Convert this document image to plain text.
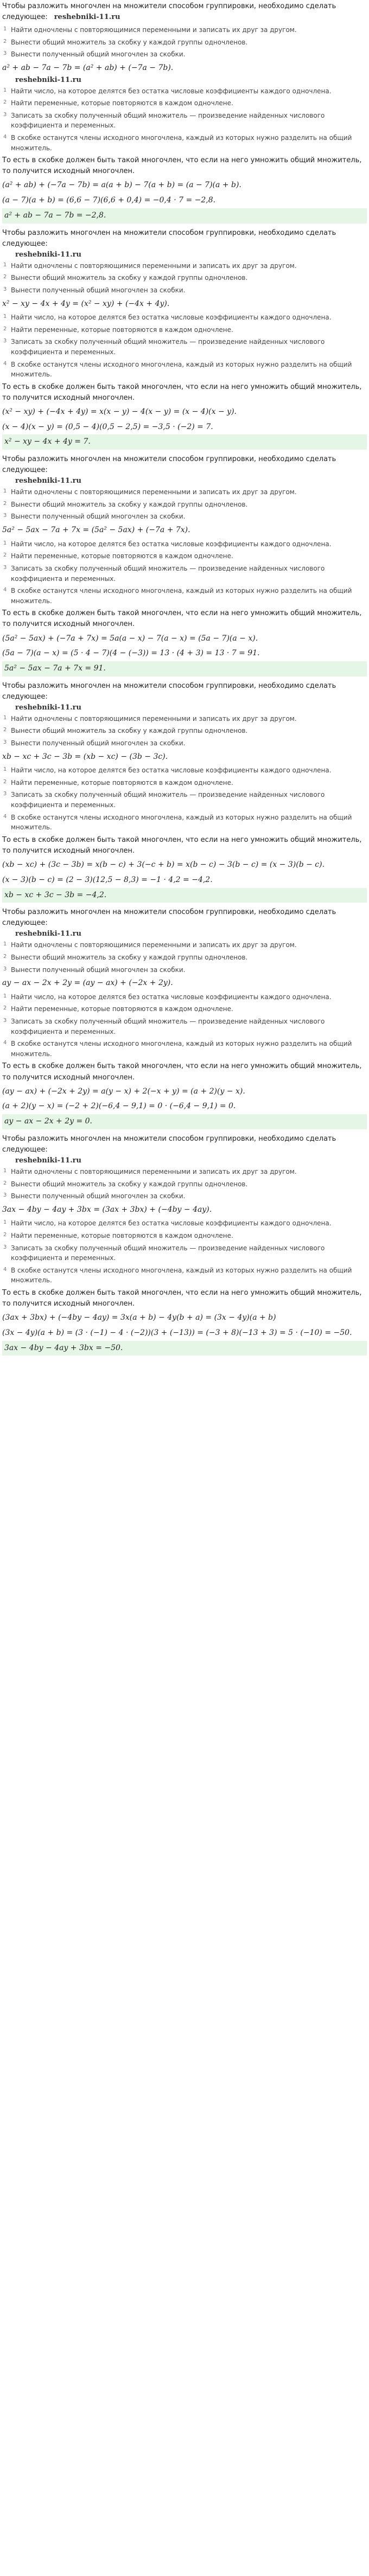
Чтобы разложить многочлен на множители способом группировки, необходимо сделать следующее: reshebniki-11.ru
1 Найти одночлены с повторяющимися переменными и записать их друг за другом.
2 Вынести общий множитель за скобку у каждой группы одночленов.
3 Вынести полученный общий многочлен за скобки.
a² + ab − 7a − 7b = (a² + ab) + (−7a − 7b).
reshebniki-11.ru
1 Найти число, на которое делятся без остатка числовые коэффициенты каждого одночлена.
2 Найти переменные, которые повторяются в каждом одночлене.
3 Записать за скобку полученный общий множитель — произведение найденных числового коэффициента и переменных.
4 В скобке останутся члены исходного многочлена, каждый из которых нужно разделить на общий множитель.
То есть в скобке должен быть такой многочлен, что если на него умножить общий множитель, то получится исходный многочлен.
(a² + ab) + (−7a − 7b) = a(a + b) − 7(a + b) = (a − 7)(a + b).
(a − 7)(a + b) = (6,6 − 7)(6,6 + 0,4) = −0,4 · 7 = −2,8.
a² + ab − 7a − 7b = −2,8.
Чтобы разложить многочлен на множители способом группировки, необходимо сделать следующее:
reshebniki-11.ru
1 Найти одночлены с повторяющимися переменными и записать их друг за другом.
2 Вынести общий множитель за скобку у каждой группы одночленов.
3 Вынести полученный общий многочлен за скобки.
x² − xy − 4x + 4y = (x² − xy) + (−4x + 4y).
1 Найти число, на которое делятся без остатка числовые коэффициенты каждого одночлена.
2 Найти переменные, которые повторяются в каждом одночлене.
3 Записать за скобку полученный общий множитель — произведение найденных числового коэффициента и переменных.
4 В скобке останутся члены исходного многочлена, каждый из которых нужно разделить на общий множитель.
То есть в скобке должен быть такой многочлен, что если на него умножить общий множитель, то получится исходный многочлен.
(x² − xy) + (−4x + 4y) = x(x − y) − 4(x − y) = (x − 4)(x − y).
(x − 4)(x − y) = (0,5 − 4)(0,5 − 2,5) = −3,5 · (−2) = 7.
x² − xy − 4x + 4y = 7.
Чтобы разложить многочлен на множители способом группировки, необходимо сделать следующее:
reshebniki-11.ru
1 Найти одночлены с повторяющимися переменными и записать их друг за другом.
2 Вынести общий множитель за скобку у каждой группы одночленов.
3 Вынести полученный общий многочлен за скобки.
5a² − 5ax − 7a + 7x = (5a² − 5ax) + (−7a + 7x).
1 Найти число, на которое делятся без остатка числовые коэффициенты каждого одночлена.
2 Найти переменные, которые повторяются в каждом одночлене.
3 Записать за скобку полученный общий множитель — произведение найденных числового коэффициента и переменных.
4 В скобке останутся члены исходного многочлена, каждый из которых нужно разделить на общий множитель.
То есть в скобке должен быть такой многочлен, что если на него умножить общий множитель, то получится исходный многочлен.
(5a² − 5ax) + (−7a + 7x) = 5a(a − x) − 7(a − x) = (5a − 7)(a − x).
(5a − 7)(a − x) = (5 · 4 − 7)(4 − (−3)) = 13 · (4 + 3) = 13 · 7 = 91.
5a² − 5ax − 7a + 7x = 91.
Чтобы разложить многочлен на множители способом группировки, необходимо сделать следующее:
reshebniki-11.ru
1 Найти одночлены с повторяющимися переменными и записать их друг за другом.
2 Вынести общий множитель за скобку у каждой группы одночленов.
3 Вынести полученный общий многочлен за скобки.
xb − xc + 3c − 3b = (xb − xc) − (3b − 3c).
1 Найти число, на которое делятся без остатка числовые коэффициенты каждого одночлена.
2 Найти переменные, которые повторяются в каждом одночлене.
3 Записать за скобку полученный общий множитель — произведение найденных числового коэффициента и переменных.
4 В скобке останутся члены исходного многочлена, каждый из которых нужно разделить на общий множитель.
То есть в скобке должен быть такой многочлен, что если на него умножить общий множитель, то получится исходный многочлен.
(xb − xc) + (3c − 3b) = x(b − c) + 3(−c + b) = x(b − c) − 3(b − c) = (x − 3)(b − c).
(x − 3)(b − c) = (2 − 3)(12,5 − 8,3) = −1 · 4,2 = −4,2.
xb − xc + 3c − 3b = −4,2.
Чтобы разложить многочлен на множители способом группировки, необходимо сделать следующее:
reshebniki-11.ru
1 Найти одночлены с повторяющимися переменными и записать их друг за другом.
2 Вынести общий множитель за скобку у каждой группы одночленов.
3 Вынести полученный общий многочлен за скобки.
ay − ax − 2x + 2y = (ay − ax) + (−2x + 2y).
1 Найти число, на которое делятся без остатка числовые коэффициенты каждого одночлена.
2 Найти переменные, которые повторяются в каждом одночлене.
3 Записать за скобку полученный общий множитель — произведение найденных числового коэффициента и переменных.
4 В скобке останутся члены исходного многочлена, каждый из которых нужно разделить на общий множитель.
То есть в скобке должен быть такой многочлен, что если на него умножить общий множитель, то получится исходный многочлен.
(ay − ax) + (−2x + 2y) = a(y − x) + 2(−x + y) = (a + 2)(y − x).
(a + 2)(y − x) = (−2 + 2)(−6,4 − 9,1) = 0 · (−6,4 − 9,1) = 0.
ay − ax − 2x + 2y = 0.
Чтобы разложить многочлен на множители способом группировки, необходимо сделать следующее:
reshebniki-11.ru
1 Найти одночлены с повторяющимися переменными и записать их друг за другом.
2 Вынести общий множитель за скобку у каждой группы одночленов.
3 Вынести полученный общий многочлен за скобки.
3ax − 4by − 4ay + 3bx = (3ax + 3bx) + (−4by − 4ay).
1 Найти число, на которое делятся без остатка числовые коэффициенты каждого одночлена.
2 Найти переменные, которые повторяются в каждом одночлене.
3 Записать за скобку полученный общий множитель — произведение найденных числового коэффициента и переменных.
4 В скобке останутся члены исходного многочлена, каждый из которых нужно разделить на общий множитель.
То есть в скобке должен быть такой многочлен, что если на него умножить общий множитель, то получится исходный многочлен.
(3ax + 3bx) + (−4by − 4ay) = 3x(a + b) − 4y(b + a) = (3x − 4y)(a + b)
(3x − 4y)(a + b) = (3 · (−1) − 4 · (−2))(3 + (−13)) = (−3 + 8)(−13 + 3) = 5 · (−10) = −50.
3ax − 4by − 4ay + 3bx = −50.
